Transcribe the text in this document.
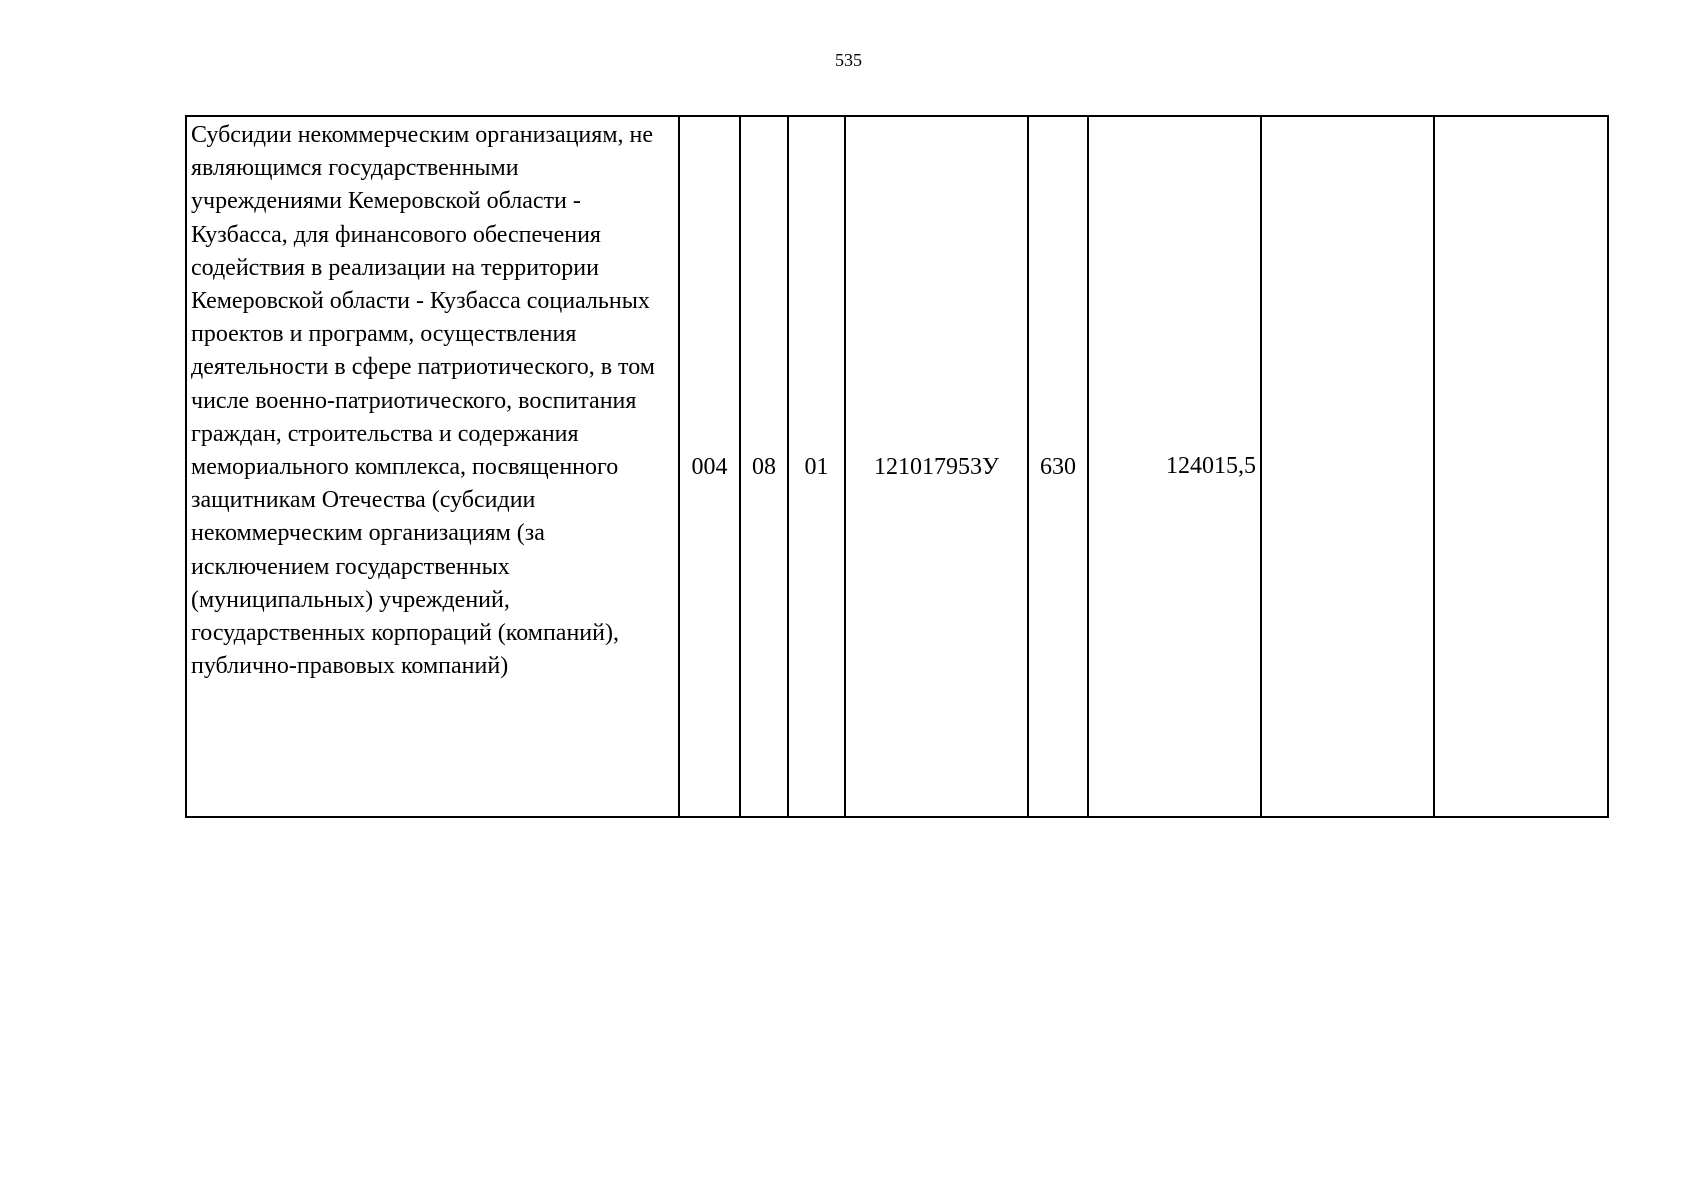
535
Субсидии некоммерческим организациям, не являющимся государственными учреждениями Кемеровской области - Кузбасса, для финансового обеспечения содействия в реализации на территории Кемеровской области - Кузбасса социальных проектов и программ, осуществления деятельности в сфере патриотического, в том числе военно-патриотического, воспитания граждан, строительства и содержания мемориального комплекса, посвященного защитникам Отечества (субсидии некоммерческим организациям (за исключением государственных (муниципальных) учреждений, государственных корпораций (компаний), публично-правовых компаний)	004	08	01	121017953У	630	124015,5		
